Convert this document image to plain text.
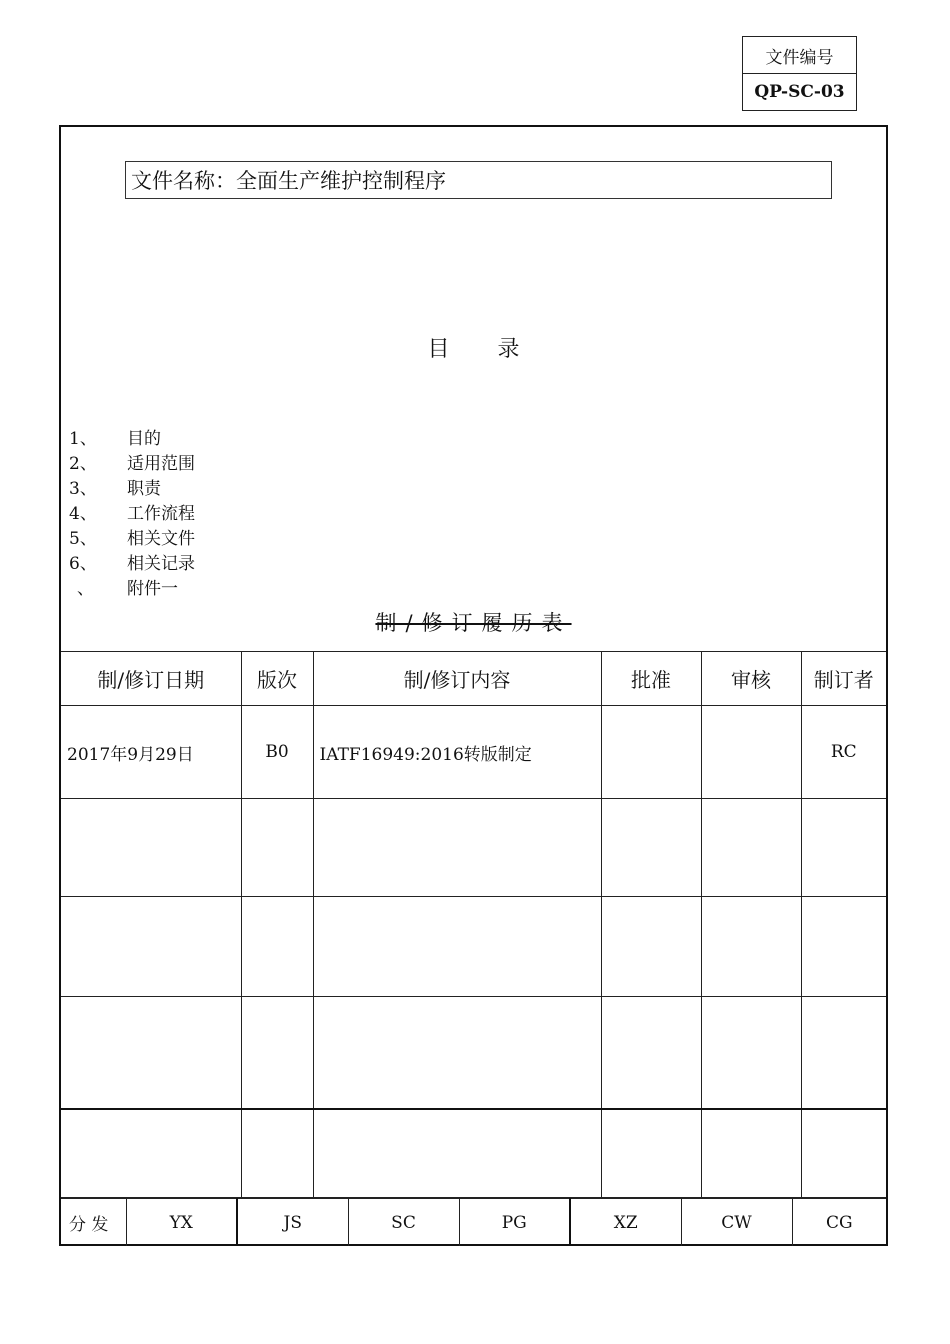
文件编号
QP-SC-03
文件名称：全面生产维护控制程序
目 录
1、	目的
2、	适用范围
3、	职责
4、	工作流程
5、	相关文件
6、	相关记录
、	附件一
制/修订履历表
制/修订日期	版次	制/修订内容	批准	审核	制订者
2017年9月29日	B0	IATF16949:2016转版制定			RC

分 发	YX	JS	SC	PG	XZ	CW	CG
